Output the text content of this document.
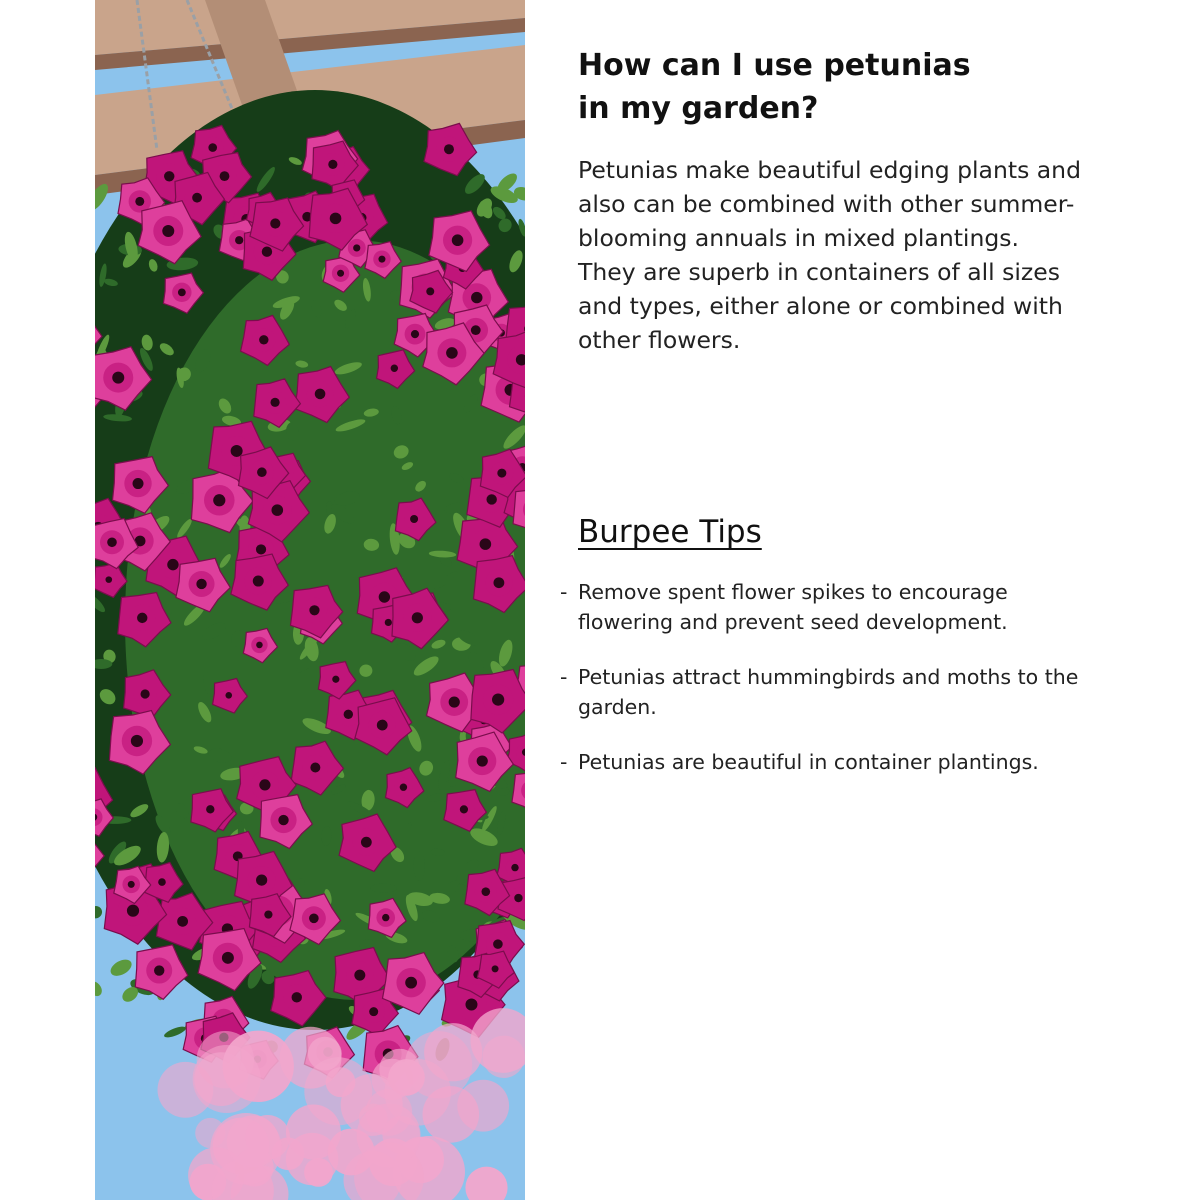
How can I use petunias in my garden?

Petunias make beautiful edging plants and also can be combined with other summer-blooming annuals in mixed plantings. They are superb in containers of all sizes and types, either alone or combined with other flowers.

Burpee Tips
- Remove spent flower spikes to encourage flowering and prevent seed development.
- Petunias attract hummingbirds and moths to the garden.
- Petunias are beautiful in container plantings.
